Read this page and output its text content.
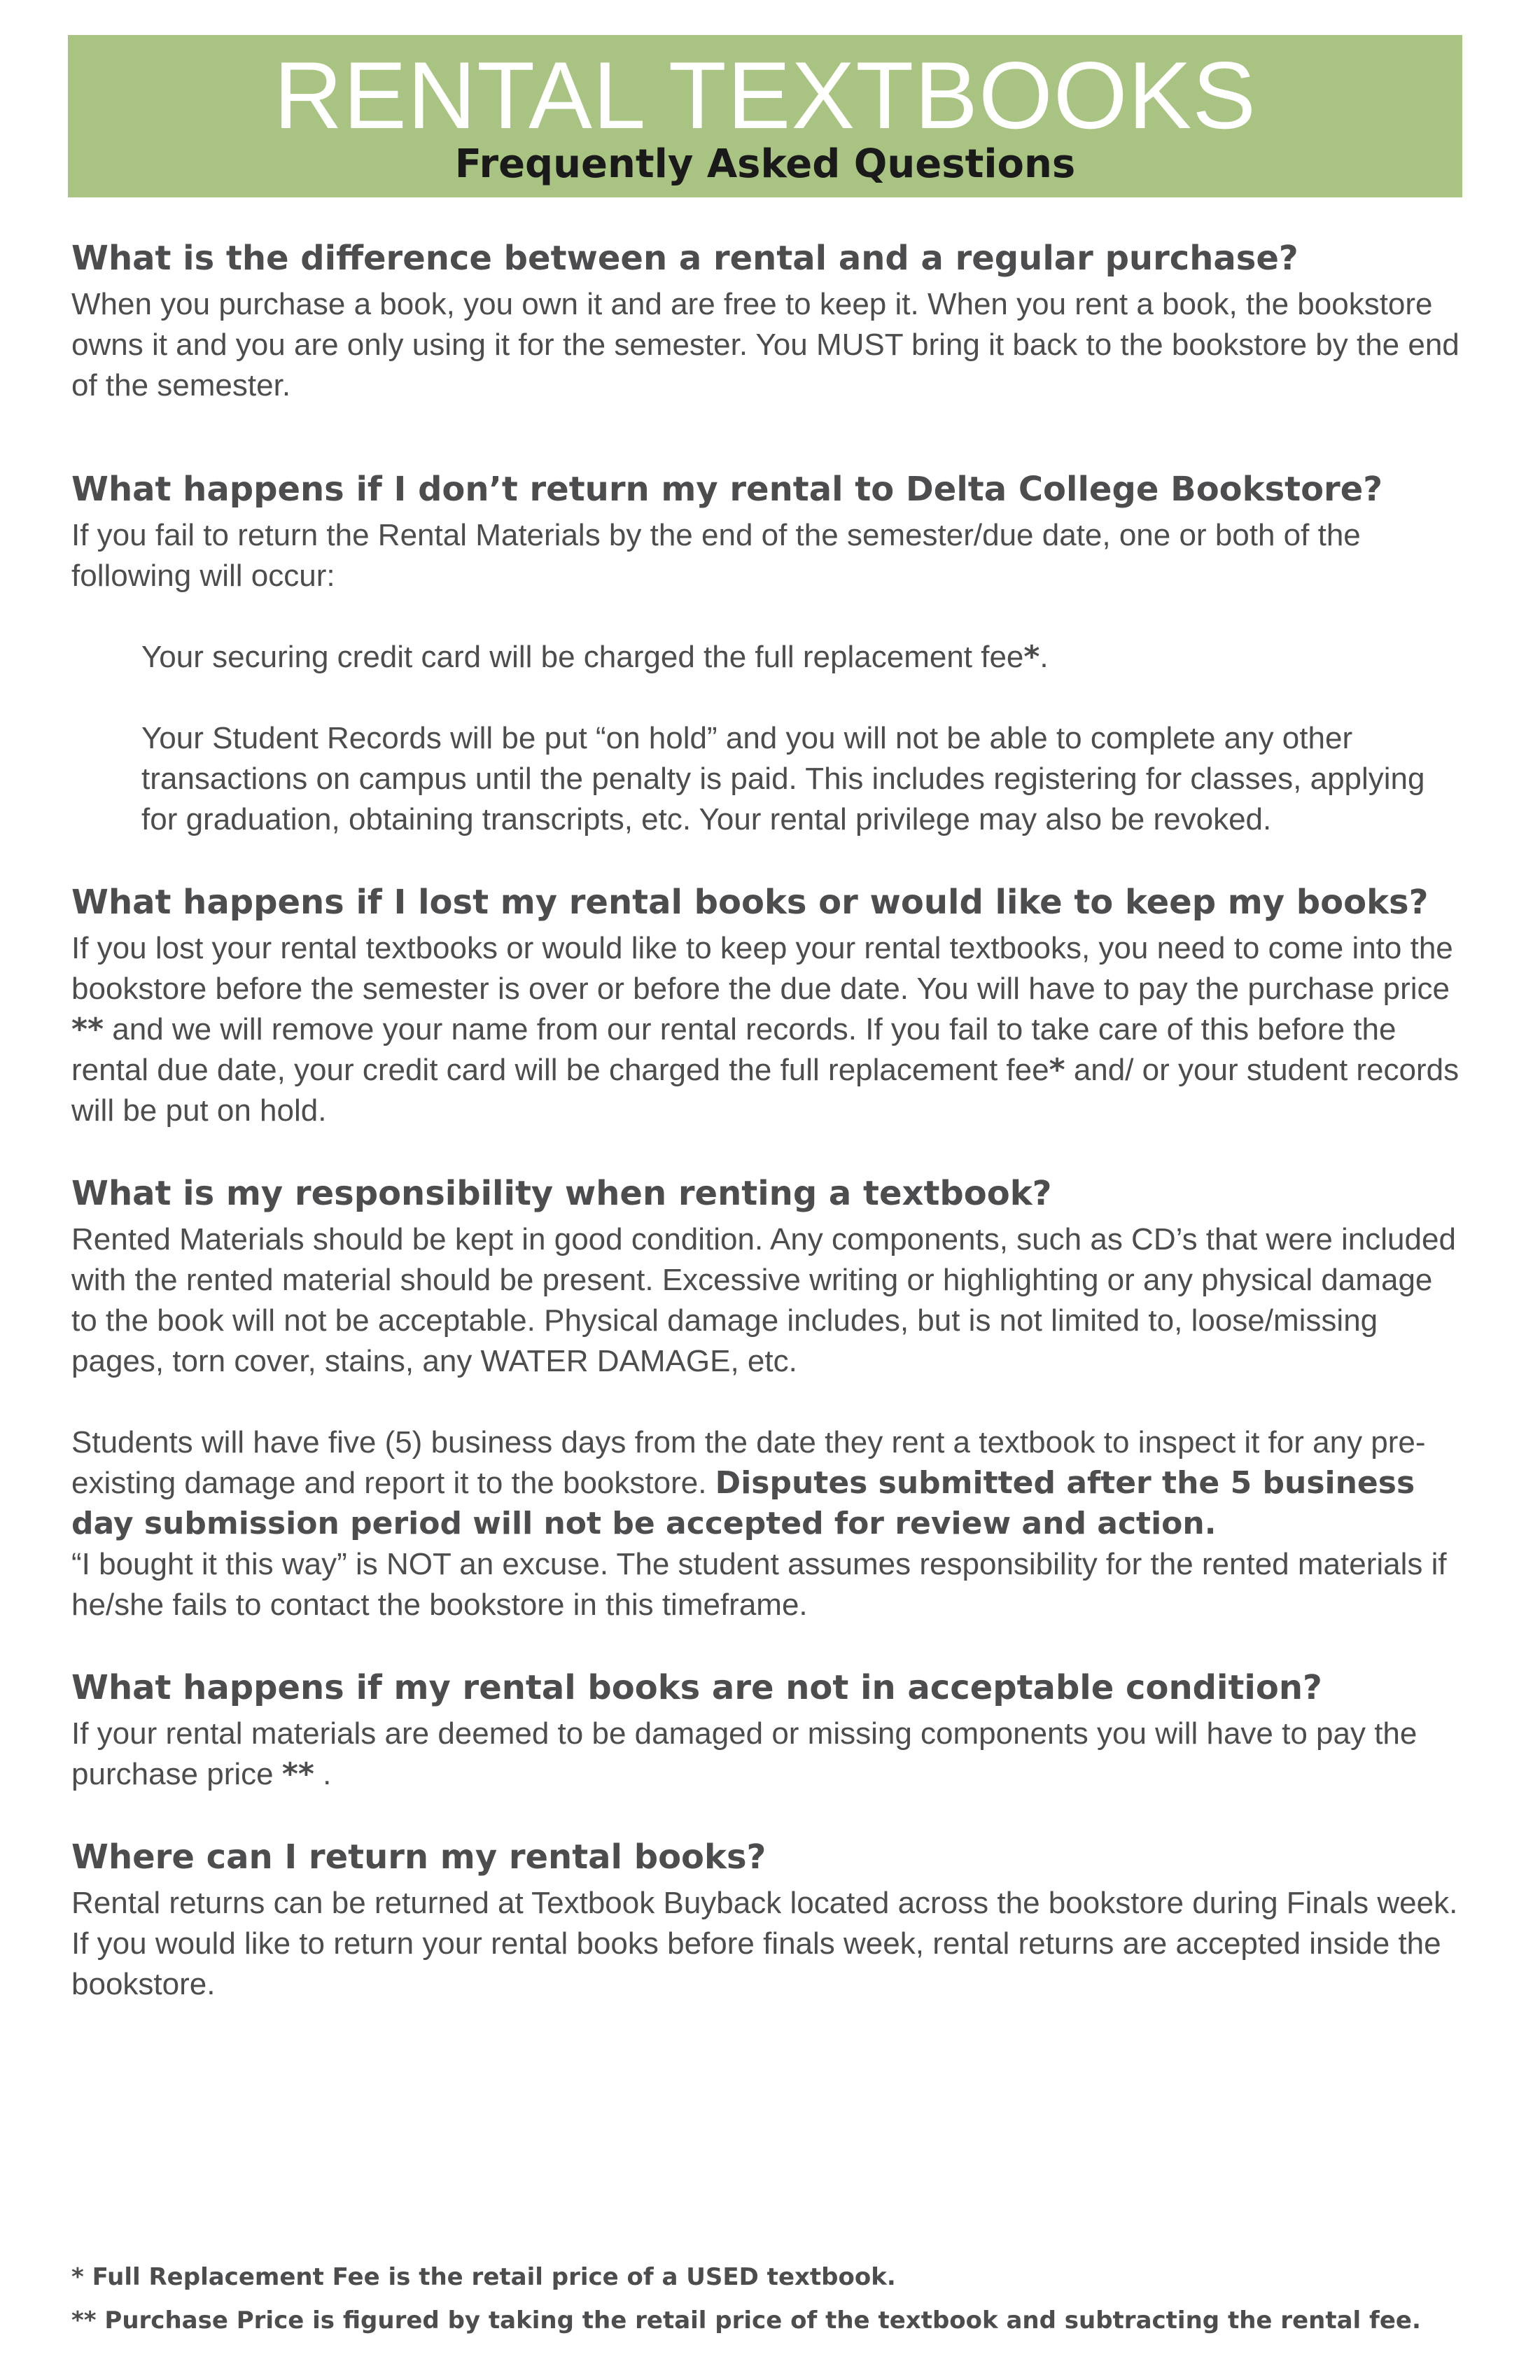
RENTAL TEXTBOOKS
Frequently Asked Questions

What is the difference between a rental and a regular purchase?

When you purchase a book, you own it and are free to keep it. When you rent a book, the bookstore owns it and you are only using it for the semester. You MUST bring it back to the bookstore by the end of the semester.

What happens if I don’t return my rental to Delta College Bookstore?

If you fail to return the Rental Materials by the end of the semester/due date, one or both of the following will occur:

Your securing credit card will be charged the full replacement fee*.

Your Student Records will be put “on hold” and you will not be able to complete any other transactions on campus until the penalty is paid. This includes registering for classes, applying for graduation, obtaining transcripts, etc. Your rental privilege may also be revoked.

What happens if I lost my rental books or would like to keep my books?

If you lost your rental textbooks or would like to keep your rental textbooks, you need to come into the bookstore before the semester is over or before the due date. You will have to pay the purchase price ** and we will remove your name from our rental records. If you fail to take care of this before the rental due date, your credit card will be charged the full replacement fee* and/ or your student records will be put on hold.

What is my responsibility when renting a textbook?

Rented Materials should be kept in good condition. Any components, such as CD’s that were included with the rented material should be present. Excessive writing or highlighting or any physical damage to the book will not be acceptable. Physical damage includes, but is not limited to, loose/missing pages, torn cover, stains, any WATER DAMAGE, etc.

Students will have five (5) business days from the date they rent a textbook to inspect it for any pre-existing damage and report it to the bookstore. Disputes submitted after the 5 business day submission period will not be accepted for review and action.

“I bought it this way” is NOT an excuse. The student assumes responsibility for the rented materials if he/she fails to contact the bookstore in this timeframe.

What happens if my rental books are not in acceptable condition?

If your rental materials are deemed to be damaged or missing components you will have to pay the purchase price ** .

Where can I return my rental books?

Rental returns can be returned at Textbook Buyback located across the bookstore during Finals week. If you would like to return your rental books before finals week, rental returns are accepted inside the bookstore.

* Full Replacement Fee is the retail price of a USED textbook.

** Purchase Price is figured by taking the retail price of the textbook and subtracting the rental fee.
